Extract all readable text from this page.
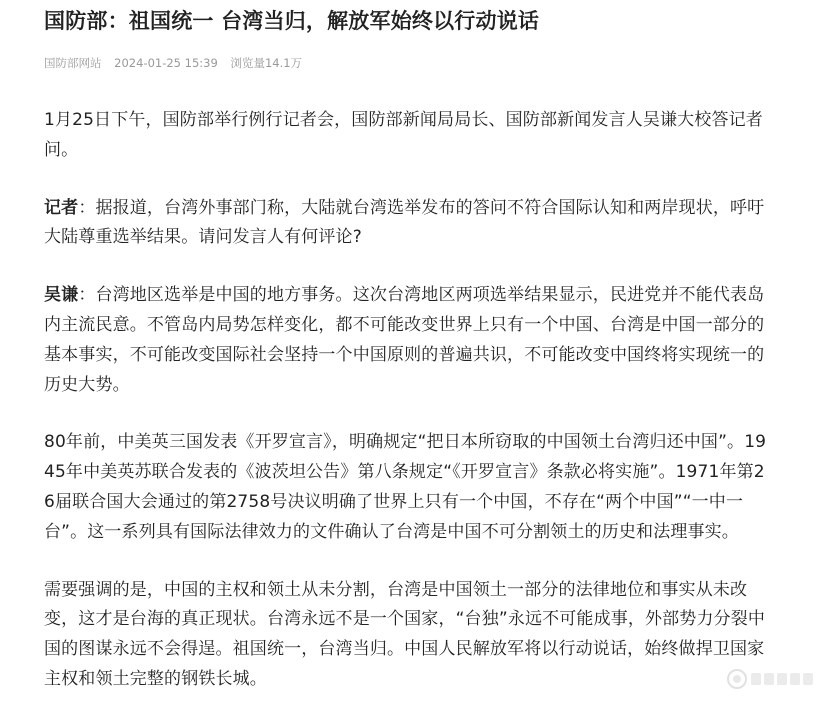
国防部：祖国统一 台湾当归，解放军始终以行动说话
国防部网站 2024-01-25 15:39 浏览量14.1万

1月25日下午，国防部举行例行记者会，国防部新闻局局长、国防部新闻发言人吴谦大校答记者问。

记者：据报道，台湾外事部门称，大陆就台湾选举发布的答问不符合国际认知和两岸现状，呼吁大陆尊重选举结果。请问发言人有何评论?

吴谦：台湾地区选举是中国的地方事务。这次台湾地区两项选举结果显示，民进党并不能代表岛内主流民意。不管岛内局势怎样变化，都不可能改变世界上只有一个中国、台湾是中国一部分的基本事实，不可能改变国际社会坚持一个中国原则的普遍共识，不可能改变中国终将实现统一的历史大势。

80年前，中美英三国发表《开罗宣言》，明确规定“把日本所窃取的中国领土台湾归还中国”。1945年中美英苏联合发表的《波茨坦公告》第八条规定“《开罗宣言》条款必将实施”。1971年第26届联合国大会通过的第2758号决议明确了世界上只有一个中国，不存在“两个中国”“一中一台”。这一系列具有国际法律效力的文件确认了台湾是中国不可分割领土的历史和法理事实。

需要强调的是，中国的主权和领土从未分割，台湾是中国领土一部分的法律地位和事实从未改变，这才是台海的真正现状。台湾永远不是一个国家，“台独”永远不可能成事，外部势力分裂中国的图谋永远不会得逞。祖国统一，台湾当归。中国人民解放军将以行动说话，始终做捍卫国家主权和领土完整的钢铁长城。
